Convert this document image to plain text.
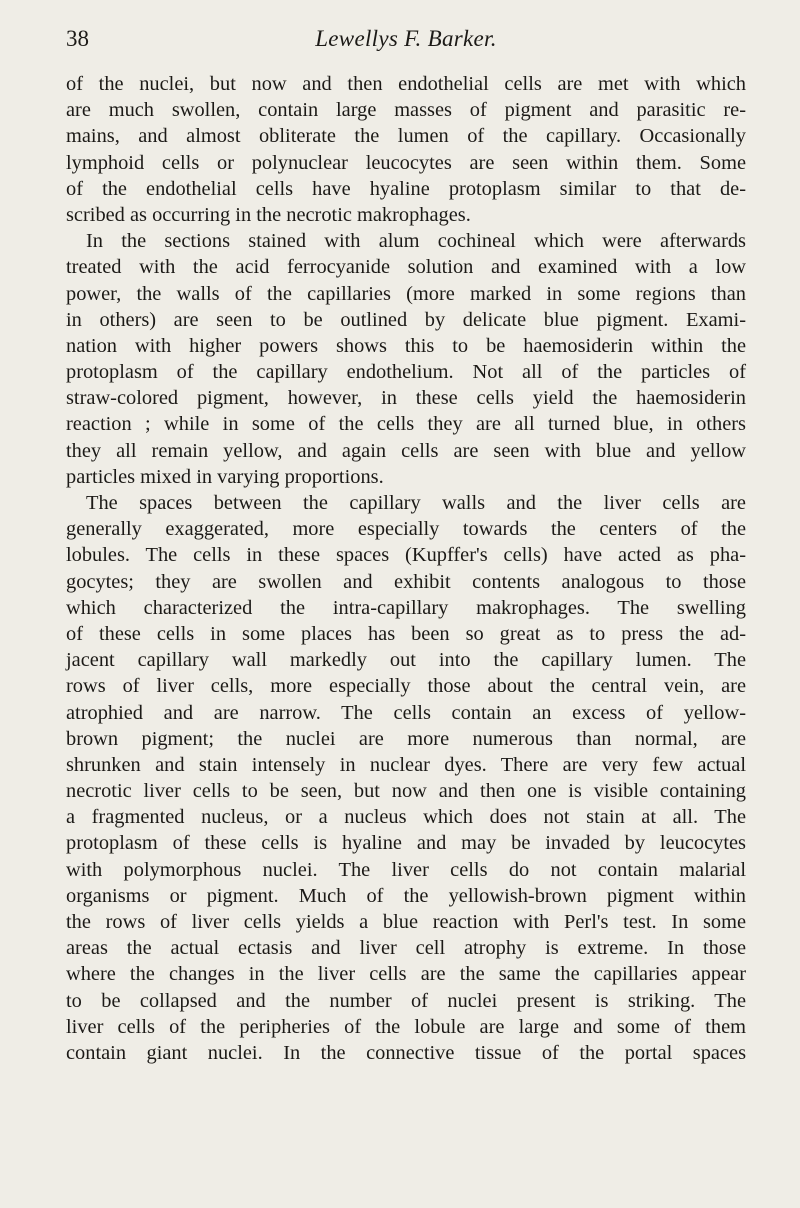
38	Lewellys F. Barker.
of the nuclei, but now and then endothelial cells are met with which
are much swollen, contain large masses of pigment and parasitic re-
mains, and almost obliterate the lumen of the capillary. Occasionally
lymphoid cells or polynuclear leucocytes are seen within them. Some
of the endothelial cells have hyaline protoplasm similar to that de-
scribed as occurring in the necrotic makrophages.
In the sections stained with alum cochineal which were afterwards
treated with the acid ferrocyanide solution and examined with a low
power, the walls of the capillaries (more marked in some regions than
in others) are seen to be outlined by delicate blue pigment. Exami-
nation with higher powers shows this to be haemosiderin within the
protoplasm of the capillary endothelium. Not all of the particles of
straw-colored pigment, however, in these cells yield the haemosiderin
reaction ; while in some of the cells they are all turned blue, in others
they all remain yellow, and again cells are seen with blue and yellow
particles mixed in varying proportions.
The spaces between the capillary walls and the liver cells are
generally exaggerated, more especially towards the centers of the
lobules. The cells in these spaces (Kupffer's cells) have acted as pha-
gocytes; they are swollen and exhibit contents analogous to those
which characterized the intra-capillary makrophages. The swelling
of these cells in some places has been so great as to press the ad-
jacent capillary wall markedly out into the capillary lumen. The
rows of liver cells, more especially those about the central vein, are
atrophied and are narrow. The cells contain an excess of yellow-
brown pigment; the nuclei are more numerous than normal, are
shrunken and stain intensely in nuclear dyes. There are very few actual
necrotic liver cells to be seen, but now and then one is visible containing
a fragmented nucleus, or a nucleus which does not stain at all. The
protoplasm of these cells is hyaline and may be invaded by leucocytes
with polymorphous nuclei. The liver cells do not contain malarial
organisms or pigment. Much of the yellowish-brown pigment within
the rows of liver cells yields a blue reaction with Perl's test. In some
areas the actual ectasis and liver cell atrophy is extreme. In those
where the changes in the liver cells are the same the capillaries appear
to be collapsed and the number of nuclei present is striking. The
liver cells of the peripheries of the lobule are large and some of them
contain giant nuclei. In the connective tissue of the portal spaces
